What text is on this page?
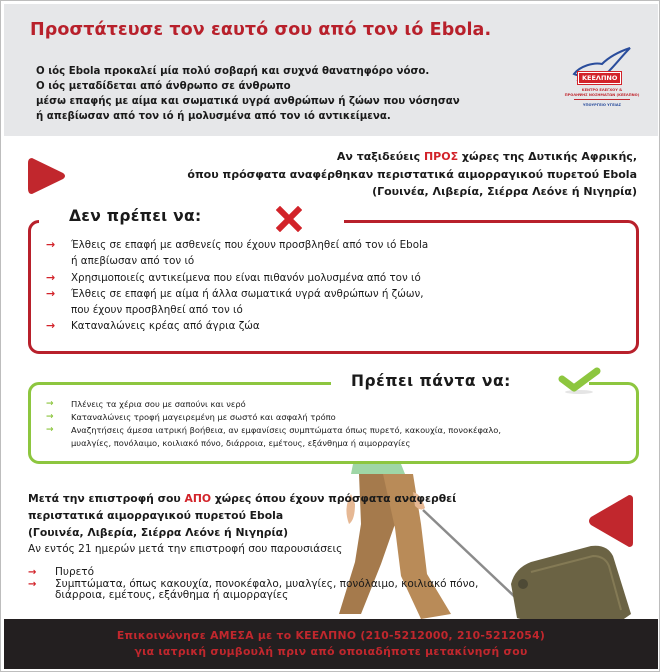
Προστάτευσε τον εαυτό σου από τον ιό Ebola.
Ο ιός Ebola προκαλεί μία πολύ σοβαρή και συχνά θανατηφόρο νόσο.
Ο ιός μεταδίδεται από άνθρωπο σε άνθρωπο
μέσω επαφής με αίμα και σωματικά υγρά ανθρώπων ή ζώων που νόσησαν
ή απεβίωσαν από τον ιό ή μολυσμένα από τον ιό αντικείμενα.
ΚΕΕΛΠΝΟ
ΚΕΝΤΡΟ ΕΛΕΓΧΟΥ &
ΠΡΟΛΗΨΗΣ ΝΟΣΗΜΑΤΩΝ (ΚΕΕΛΠΝΟ)
ΥΠΟΥΡΓΕΙΟ ΥΓΕΙΑΣ
Αν ταξιδεύεις ΠΡΟΣ χώρες της Δυτικής Αφρικής,
όπου πρόσφατα αναφέρθηκαν περιστατικά αιμορραγικού πυρετού Ebola
(Γουινέα, Λιβερία, Σιέρρα Λεόνε ή Νιγηρία)
Δεν πρέπει να:
→ Έλθεις σε επαφή με ασθενείς που έχουν προσβληθεί από τον ιό Ebola
ή απεβίωσαν από τον ιό
→ Χρησιμοποιείς αντικείμενα που είναι πιθανόν μολυσμένα από τον ιό
→ Έλθεις σε επαφή με αίμα ή άλλα σωματικά υγρά ανθρώπων ή ζώων,
που έχουν προσβληθεί από τον ιό
→ Καταναλώνεις κρέας από άγρια ζώα
Πρέπει πάντα να:
→ Πλένεις τα χέρια σου με σαπούνι και νερό
→ Καταναλώνεις τροφή μαγειρεμένη με σωστό και ασφαλή τρόπο
→ Αναζητήσεις άμεσα ιατρική βοήθεια, αν εμφανίσεις συμπτώματα όπως πυρετό, κακουχία, πονοκέφαλο,
μυαλγίες, πονόλαιμο, κοιλιακό πόνο, διάρροια, εμέτους, εξάνθημα ή αιμορραγίες
Μετά την επιστροφή σου ΑΠΟ χώρες όπου έχουν πρόσφατα αναφερθεί
περιστατικά αιμορραγικού πυρετού Ebola
(Γουινέα, Λιβερία, Σιέρρα Λεόνε ή Νιγηρία)
Αν εντός 21 ημερών μετά την επιστροφή σου παρουσιάσεις
→ Πυρετό
→ Συμπτώματα, όπως κακουχία, πονοκέφαλο, μυαλγίες, πονόλαιμο, κοιλιακό πόνο,
διάρροια, εμέτους, εξάνθημα ή αιμορραγίες
Επικοινώνησε ΑΜΕΣΑ με το ΚΕΕΛΠΝΟ (210-5212000, 210-5212054)
για ιατρική συμβουλή πριν από οποιαδήποτε μετακίνησή σου
